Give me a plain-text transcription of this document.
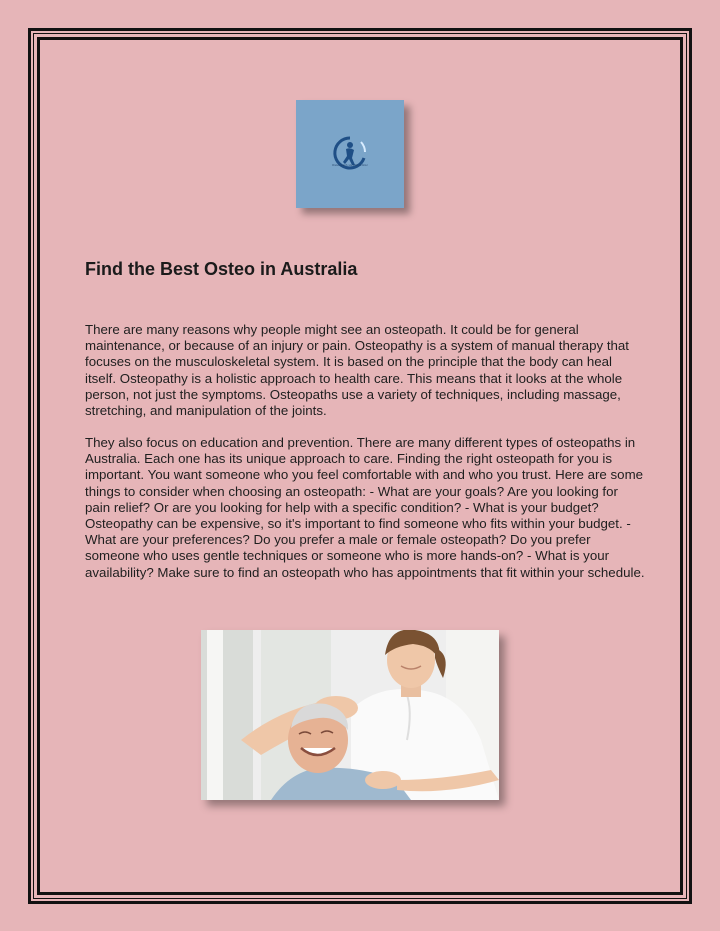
Osteopath Health Clinic
Find the Best Osteo in Australia

There are many reasons why people might see an osteopath. It could be for general maintenance, or because of an injury or pain. Osteopathy is a system of manual therapy that focuses on the musculoskeletal system. It is based on the principle that the body can heal itself. Osteopathy is a holistic approach to health care. This means that it looks at the whole person, not just the symptoms. Osteopaths use a variety of techniques, including massage, stretching, and manipulation of the joints.

They also focus on education and prevention. There are many different types of osteopaths in Australia. Each one has its unique approach to care. Finding the right osteopath for you is important. You want someone who you feel comfortable with and who you trust. Here are some things to consider when choosing an osteopath: - What are your goals? Are you looking for pain relief? Or are you looking for help with a specific condition? - What is your budget? Osteopathy can be expensive, so it's important to find someone who fits within your budget. - What are your preferences? Do you prefer a male or female osteopath? Do you prefer someone who uses gentle techniques or someone who is more hands-on? - What is your availability? Make sure to find an osteopath who has appointments that fit within your schedule.
